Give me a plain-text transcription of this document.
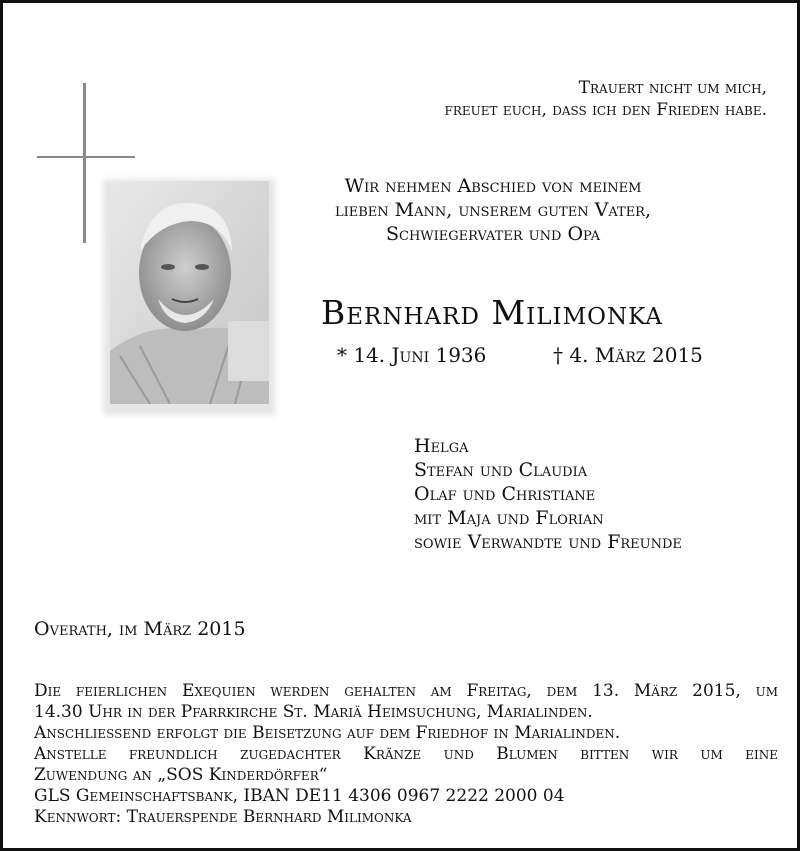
Trauert nicht um mich,
freuet euch, dass ich den Frieden habe.
Wir nehmen Abschied von meinem
lieben Mann, unserem guten Vater,
Schwiegervater und Opa
Bernhard Milimonka
* 14. Juni 1936	† 4. März 2015
Helga
Stefan und Claudia
Olaf und Christiane
mit Maja und Florian
sowie Verwandte und Freunde
Overath, im März 2015
Die feierlichen Exequien werden gehalten am Freitag, dem 13. März 2015, um
14.30 Uhr in der Pfarrkirche St. Mariä Heimsuchung, Marialinden.
Anschliessend erfolgt die Beisetzung auf dem Friedhof in Marialinden.
Anstelle freundlich zugedachter Kränze und Blumen bitten wir um eine
Zuwendung an „SOS Kinderdörfer“
GLS Gemeinschaftsbank, IBAN DE11 4306 0967 2222 2000 04
Kennwort: Trauerspende Bernhard Milimonka
